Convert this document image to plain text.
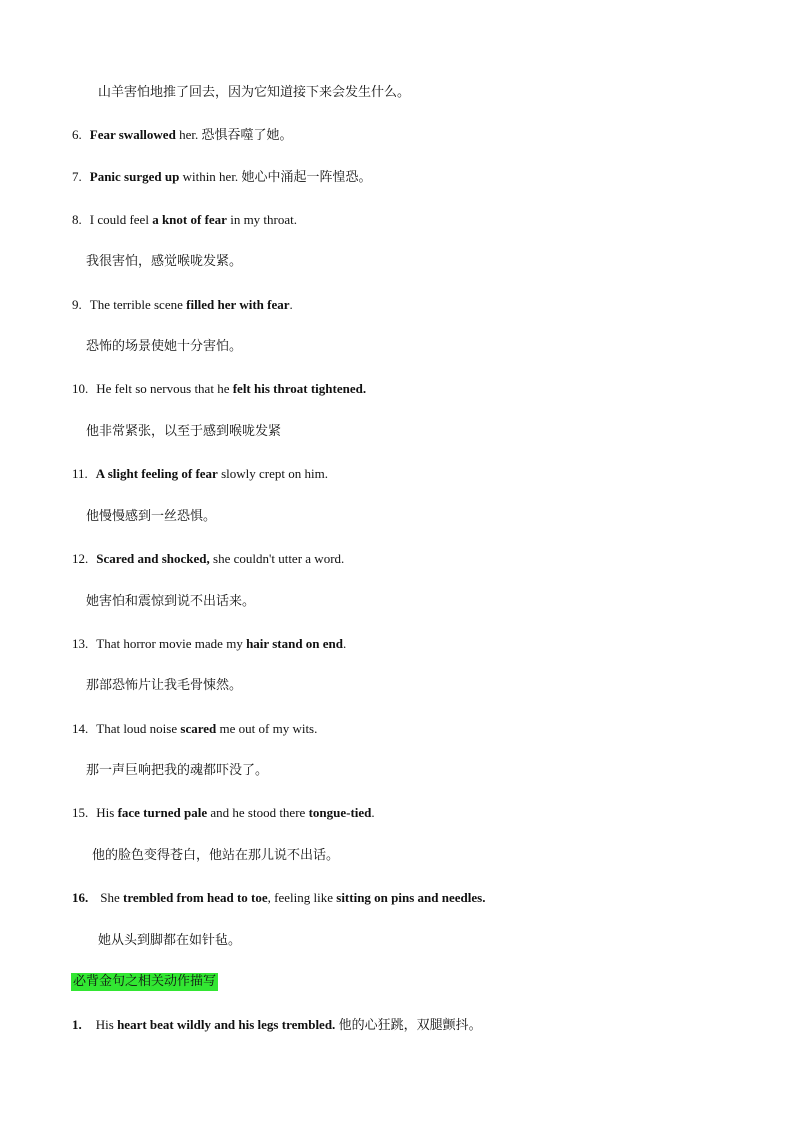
山羊害怕地推了回去，因为它知道接下来会发生什么。
6. Fear swallowed her. 恐惧吞噬了她。
7. Panic surged up within her. 她心中涌起一阵惶恐。
8. I could feel a knot of fear in my throat.
我很害怕，感觉喉咙发紧。
9. The terrible scene filled her with fear.
恐怖的场景使她十分害怕。
10. He felt so nervous that he felt his throat tightened.
他非常紧张，以至于感到喉咙发紧
11. A slight feeling of fear slowly crept on him.
他慢慢感到一丝恐惧。
12. Scared and shocked, she couldn't utter a word.
她害怕和震惊到说不出话来。
13. That horror movie made my hair stand on end.
那部恐怖片让我毛骨悚然。
14. That loud noise scared me out of my wits.
那一声巨响把我的魂都吓没了。
15. His face turned pale and he stood there tongue-tied.
他的脸色变得苍白，他站在那儿说不出话。
16. She trembled from head to toe, feeling like sitting on pins and needles.
她从头到脚都在如针毡。
必背金句之相关动作描写
1. His heart beat wildly and his legs trembled. 他的心狂跳，双腿颤抖。
